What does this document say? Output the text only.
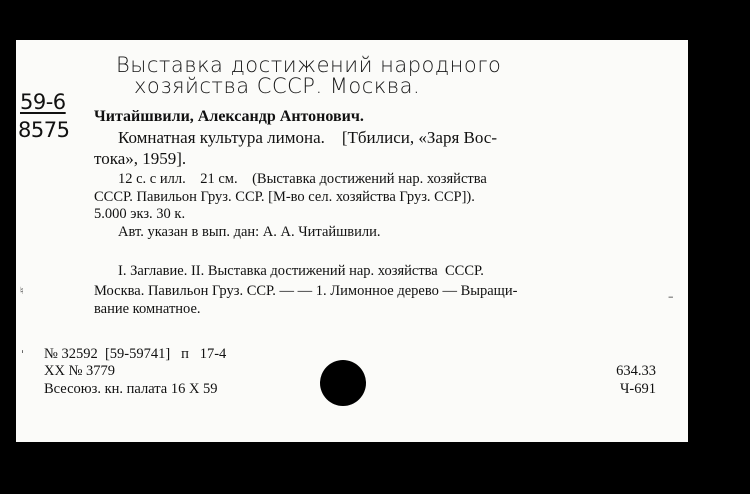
Выставка достижений народного
хозяйства СССР. Москва.
59-6
8575
Читайшвили, Александр Антонович.
Комнатная культура лимона.    [Тбилиси, «Заря Вос-
тока», 1959].
12 с. с илл.    21 см.    (Выставка достижений нар. хозяйства
СССР. Павильон Груз. ССР. [М-во сел. хозяйства Груз. ССР]).
5.000 экз. 30 к.
Авт. указан в вып. дан: А. А. Читайшвили.
I. Заглавие. II. Выставка достижений нар. хозяйства  СССР.
Москва. Павильон Груз. ССР. — — 1. Лимонное дерево — Выращи-
вание комнатное.
№ 32592  [59-59741]   п   17-4
XX № 3779
Всесоюз. кн. палата 16 X 59
634.33
Ч-691
♮
ˈ
–
